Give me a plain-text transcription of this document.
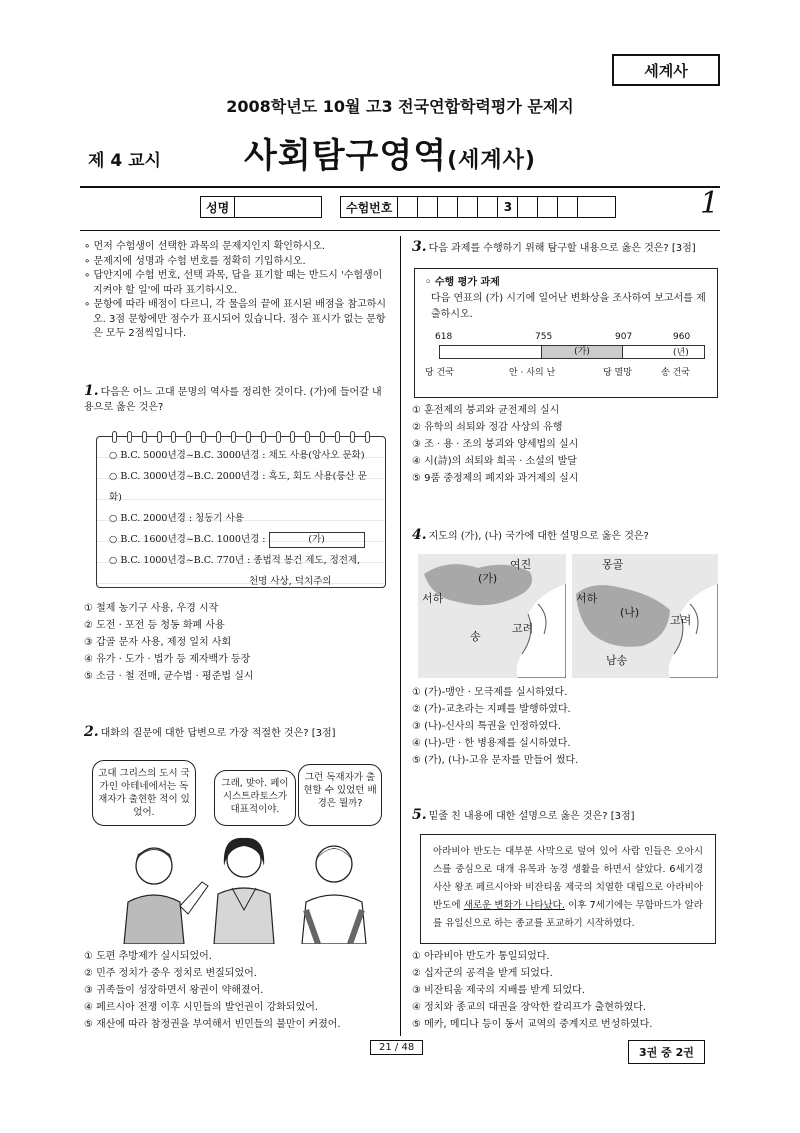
세계사
2008학년도 10월 고3 전국연합학력평가 문제지
제 4 교시 사회탐구영역(세계사)
성명	수험번호	3	1
∘ 먼저 수험생이 선택한 과목의 문제지인지 확인하시오.
∘ 문제지에 성명과 수험 번호를 정확히 기입하시오.
∘ 답안지에 수험 번호, 선택 과목, 답을 표기할 때는 반드시 '수험생이 지켜야 할 일'에 따라 표기하시오.
∘ 문항에 따라 배점이 다르니, 각 물음의 끝에 표시된 배점을 참고하시오. 3점 문항에만 점수가 표시되어 있습니다. 점수 표시가 없는 문항은 모두 2점씩입니다.
1. 다음은 어느 고대 문명의 역사를 정리한 것이다. (가)에 들어갈 내용으로 옳은 것은?
○ B.C. 5000년경~B.C. 3000년경 : 채도 사용(앙사오 문화)
○ B.C. 3000년경~B.C. 2000년경 : 흑도, 회도 사용(룽산 문화)
○ B.C. 2000년경 : 청동기 사용
○ B.C. 1600년경~B.C. 1000년경 :	(가)
○ B.C. 1000년경~B.C. 770년 : 종법적 봉건 제도, 정전제,
천명 사상, 덕치주의
① 철제 농기구 사용, 우경 시작
② 도전 · 포전 등 청동 화폐 사용
③ 갑골 문자 사용, 제정 일치 사회
④ 유가 · 도가 · 법가 등 제자백가 등장
⑤ 소금 · 철 전매, 균수법 · 평준법 실시
2. 대화의 질문에 대한 답변으로 가장 적절한 것은? [3점]
고대 그리스의 도시 국가인 아테네에서는 독재자가 출현한 적이 있었어.
그래, 맞아. 페이시스트라토스가 대표적이야.
그런 독재자가 출현할 수 있었던 배경은 뭘까?
① 도편 추방제가 실시되었어.
② 민주 정치가 중우 정치로 변질되었어.
③ 귀족들이 성장하면서 왕권이 약해졌어.
④ 페르시아 전쟁 이후 시민들의 발언권이 강화되었어.
⑤ 재산에 따라 참정권을 부여해서 빈민들의 불만이 커졌어.
3. 다음 과제를 수행하기 위해 탐구할 내용으로 옳은 것은? [3점]
◦ 수행 평가 과제
다음 연표의 (가) 시기에 일어난 변화상을 조사하여 보고서를 제출하시오.
618	755	907	960 (년)
(가)
당 건국	안 · 사의 난	당 멸망	송 건국
① 훈전제의 붕괴와 균전제의 실시
② 유학의 쇠퇴와 정감 사상의 유행
③ 조 · 용 · 조의 붕괴와 양세법의 실시
④ 시(詩)의 쇠퇴와 희곡 · 소설의 발달
⑤ 9품 중정제의 폐지와 과거제의 실시
4. 지도의 (가), (나) 국가에 대한 설명으로 옳은 것은?
(가)
여진
서하
고려
송
몽골
서하
(나)
고려
남송
① (가)-맹안 · 모극제를 실시하였다.
② (가)-교초라는 지폐를 발행하였다.
③ (나)-신사의 특권을 인정하였다.
④ (나)-만 · 한 병용제를 실시하였다.
⑤ (가), (나)-고유 문자를 만들어 썼다.
5. 밑줄 친 내용에 대한 설명으로 옳은 것은? [3점]
아라비아 반도는 대부분 사막으로 덮여 있어 사람 인들은 오아시스를 중심으로 대개 유목과 농경 생활을 하면서 살았다. 6세기경 사산 왕조 페르시아와 비잔티움 제국의 치열한 대립으로 아라비아 반도에 새로운 변화가 나타났다. 이후 7세기에는 무함마드가 알라를 유일신으로 하는 종교를 포교하기 시작하였다.
① 아라비아 반도가 통일되었다.
② 십자군의 공격을 받게 되었다.
③ 비잔티움 제국의 지배를 받게 되었다.
④ 정치와 종교의 대권을 장악한 칼리프가 출현하였다.
⑤ 메카, 메디나 등이 동서 교역의 중계지로 번성하였다.
21 / 48	3권 중 2권
